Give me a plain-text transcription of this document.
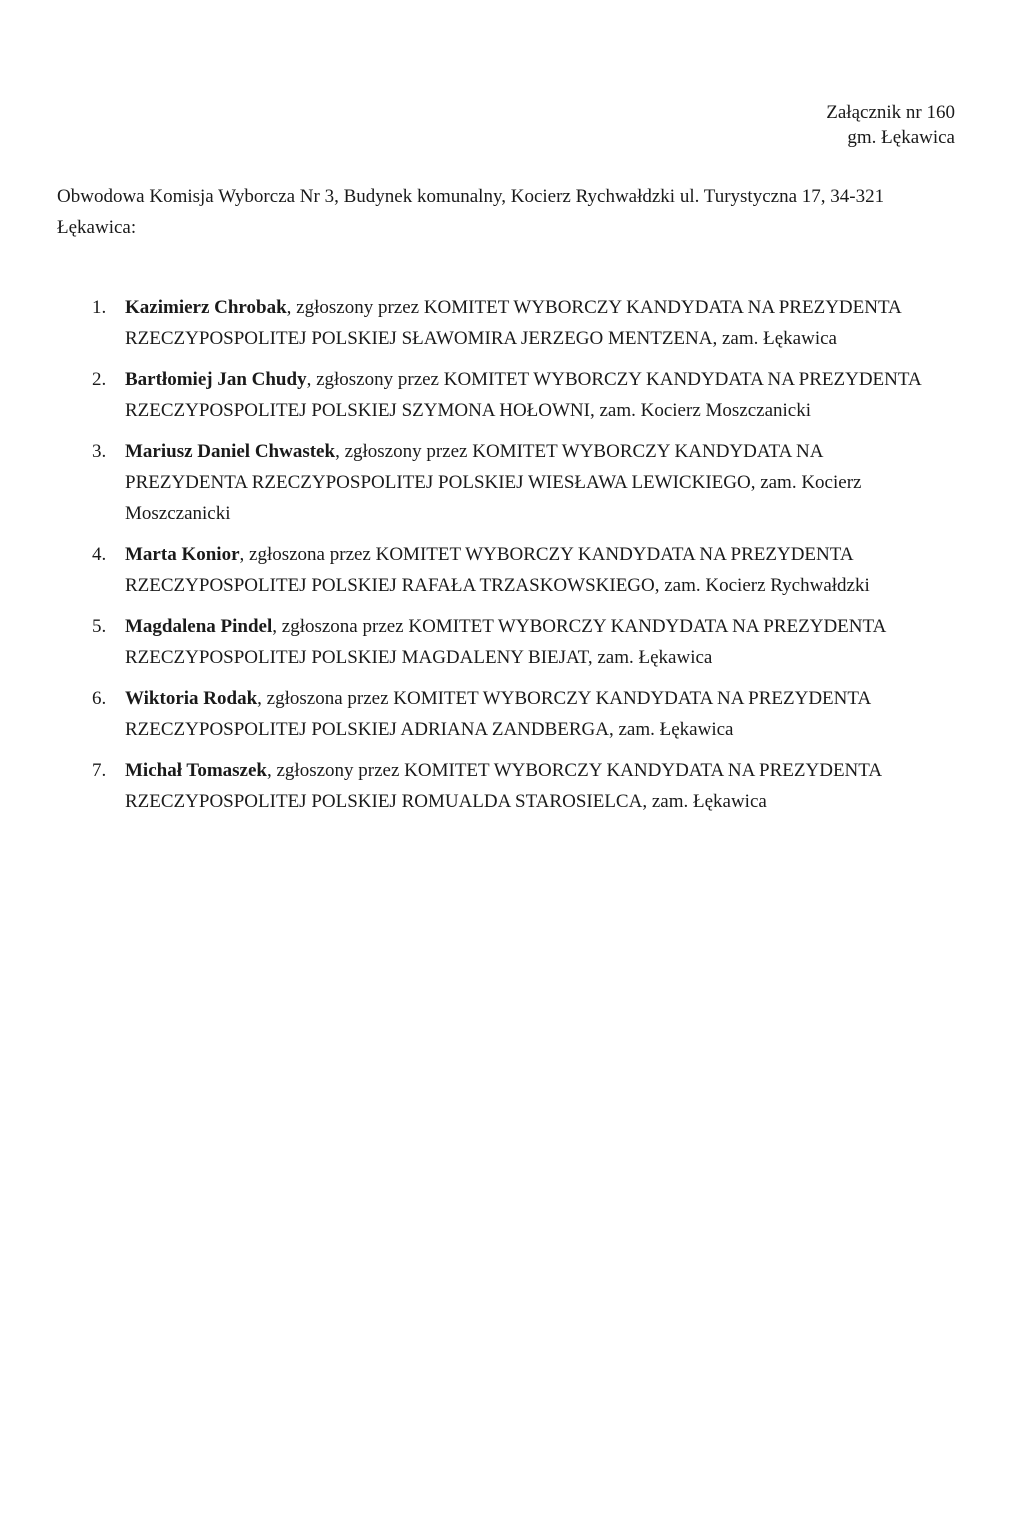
Załącznik nr 160
gm. Łękawica

Obwodowa Komisja Wyborcza Nr 3, Budynek komunalny, Kocierz Rychwałdzki ul. Turystyczna 17, 34-321 Łękawica:

1. Kazimierz Chrobak, zgłoszony przez KOMITET WYBORCZY KANDYDATA NA PREZYDENTA RZECZYPOSPOLITEJ POLSKIEJ SŁAWOMIRA JERZEGO MENTZENA, zam. Łękawica
2. Bartłomiej Jan Chudy, zgłoszony przez KOMITET WYBORCZY KANDYDATA NA PREZYDENTA RZECZYPOSPOLITEJ POLSKIEJ SZYMONA HOŁOWNI, zam. Kocierz Moszczanicki
3. Mariusz Daniel Chwastek, zgłoszony przez KOMITET WYBORCZY KANDYDATA NA PREZYDENTA RZECZYPOSPOLITEJ POLSKIEJ WIESŁAWA LEWICKIEGO, zam. Kocierz Moszczanicki
4. Marta Konior, zgłoszona przez KOMITET WYBORCZY KANDYDATA NA PREZYDENTA RZECZYPOSPOLITEJ POLSKIEJ RAFAŁA TRZASKOWSKIEGO, zam. Kocierz Rychwałdzki
5. Magdalena Pindel, zgłoszona przez KOMITET WYBORCZY KANDYDATA NA PREZYDENTA RZECZYPOSPOLITEJ POLSKIEJ MAGDALENY BIEJAT, zam. Łękawica
6. Wiktoria Rodak, zgłoszona przez KOMITET WYBORCZY KANDYDATA NA PREZYDENTA RZECZYPOSPOLITEJ POLSKIEJ ADRIANA ZANDBERGA, zam. Łękawica
7. Michał Tomaszek, zgłoszony przez KOMITET WYBORCZY KANDYDATA NA PREZYDENTA RZECZYPOSPOLITEJ POLSKIEJ ROMUALDA STAROSIELCA, zam. Łękawica
